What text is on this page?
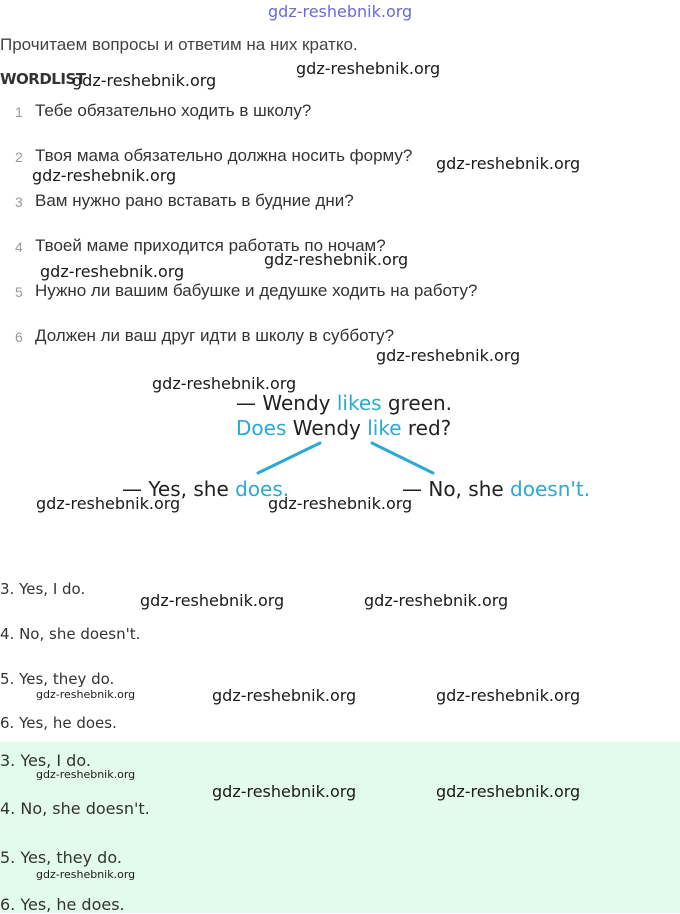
gdz-reshebnik.org
Прочитаем вопросы и ответим на них кратко.
WORDLIST
gdz-reshebnik.org
gdz-reshebnik.org
1 Тебе обязательно ходить в школу?
2 Твоя мама обязательно должна носить форму? gdz-reshebnik.org
gdz-reshebnik.org
3 Вам нужно рано вставать в будние дни?
4 Твоей маме приходится работать по ночам?
gdz-reshebnik.org
gdz-reshebnik.org
5 Нужно ли вашим бабушке и дедушке ходить на работу?
6 Должен ли ваш друг идти в школу в субботу?
gdz-reshebnik.org
gdz-reshebnik.org
— Wendy likes green.
Does Wendy like red?
— Yes, she does.	— No, she doesn't.
gdz-reshebnik.org	gdz-reshebnik.org
3. Yes, I do.
gdz-reshebnik.org	gdz-reshebnik.org
4. No, she doesn't.
5. Yes, they do.
gdz-reshebnik.org	gdz-reshebnik.org	gdz-reshebnik.org
6. Yes, he does.
3. Yes, I do.
gdz-reshebnik.org
gdz-reshebnik.org	gdz-reshebnik.org
4. No, she doesn't.
5. Yes, they do.
gdz-reshebnik.org
6. Yes, he does.
